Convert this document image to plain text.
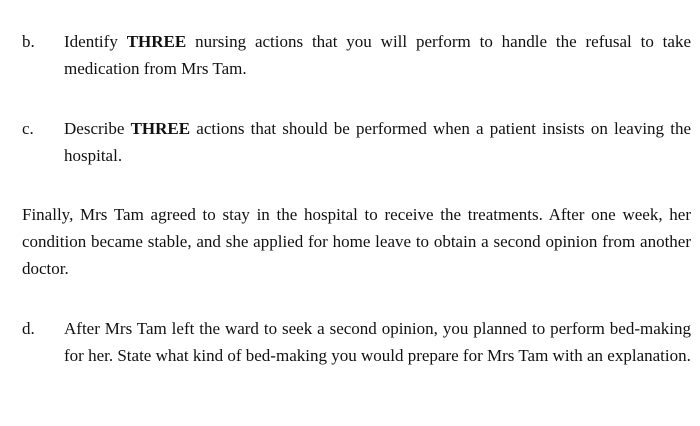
b. Identify THREE nursing actions that you will perform to handle the refusal to take medication from Mrs Tam.
c. Describe THREE actions that should be performed when a patient insists on leaving the hospital.
Finally, Mrs Tam agreed to stay in the hospital to receive the treatments. After one week, her condition became stable, and she applied for home leave to obtain a second opinion from another doctor.
d. After Mrs Tam left the ward to seek a second opinion, you planned to perform bed-making for her. State what kind of bed-making you would prepare for Mrs Tam with an explanation.
